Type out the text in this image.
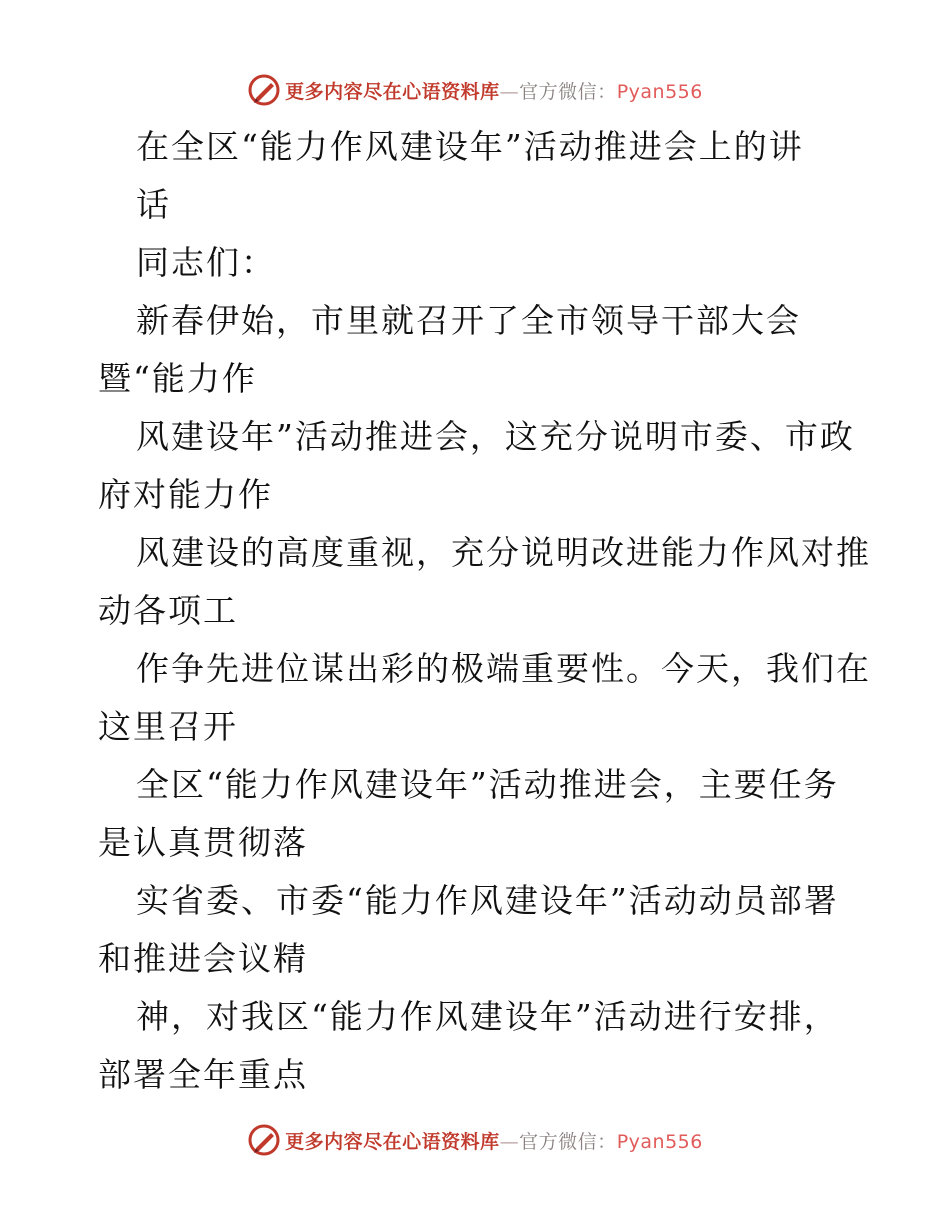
更多内容尽在心语资料库—官方微信：Pyan556
在全区“能力作风建设年”活动推进会上的讲
话
同志们：
新春伊始，市里就召开了全市领导干部大会
暨“能力作
风建设年”活动推进会，这充分说明市委、市政
府对能力作
风建设的高度重视，充分说明改进能力作风对推
动各项工
作争先进位谋出彩的极端重要性。今天，我们在
这里召开
全区“能力作风建设年”活动推进会，主要任务
是认真贯彻落
实省委、市委“能力作风建设年”活动动员部署
和推进会议精
神，对我区“能力作风建设年”活动进行安排，
部署全年重点
更多内容尽在心语资料库—官方微信：Pyan556
